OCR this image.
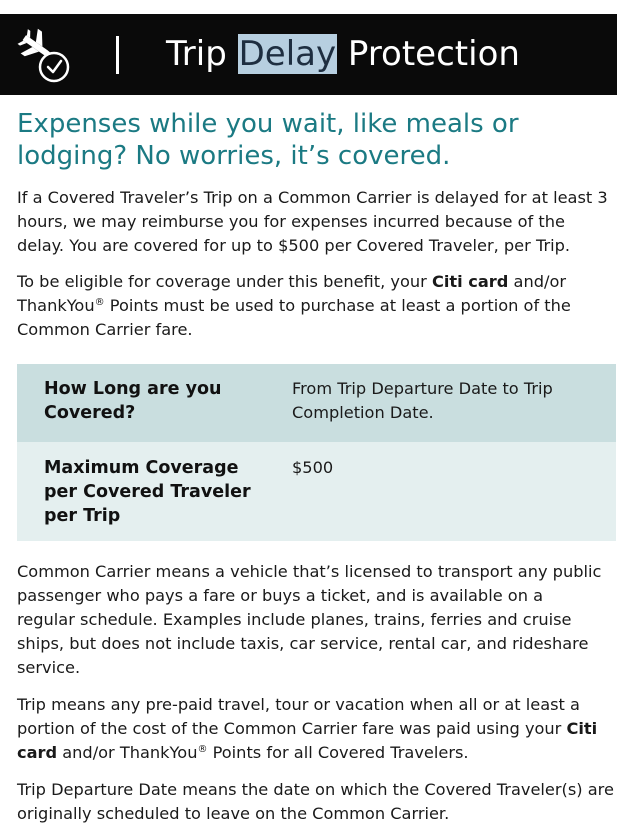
Trip Delay Protection
Expenses while you wait, like meals or lodging? No worries, it’s covered.

If a Covered Traveler’s Trip on a Common Carrier is delayed for at least 3 hours, we may reimburse you for expenses incurred because of the delay. You are covered for up to $500 per Covered Traveler, per Trip.

To be eligible for coverage under this benefit, your Citi card and/or ThankYou® Points must be used to purchase at least a portion of the Common Carrier fare.

How Long are you Covered?
From Trip Departure Date to Trip Completion Date.
Maximum Coverage per Covered Traveler per Trip
$500

Common Carrier means a vehicle that’s licensed to transport any public passenger who pays a fare or buys a ticket, and is available on a regular schedule. Examples include planes, trains, ferries and cruise ships, but does not include taxis, car service, rental car, and rideshare service.

Trip means any pre-paid travel, tour or vacation when all or at least a portion of the cost of the Common Carrier fare was paid using your Citi card and/or ThankYou® Points for all Covered Travelers.

Trip Departure Date means the date on which the Covered Traveler(s) are originally scheduled to leave on the Common Carrier.
